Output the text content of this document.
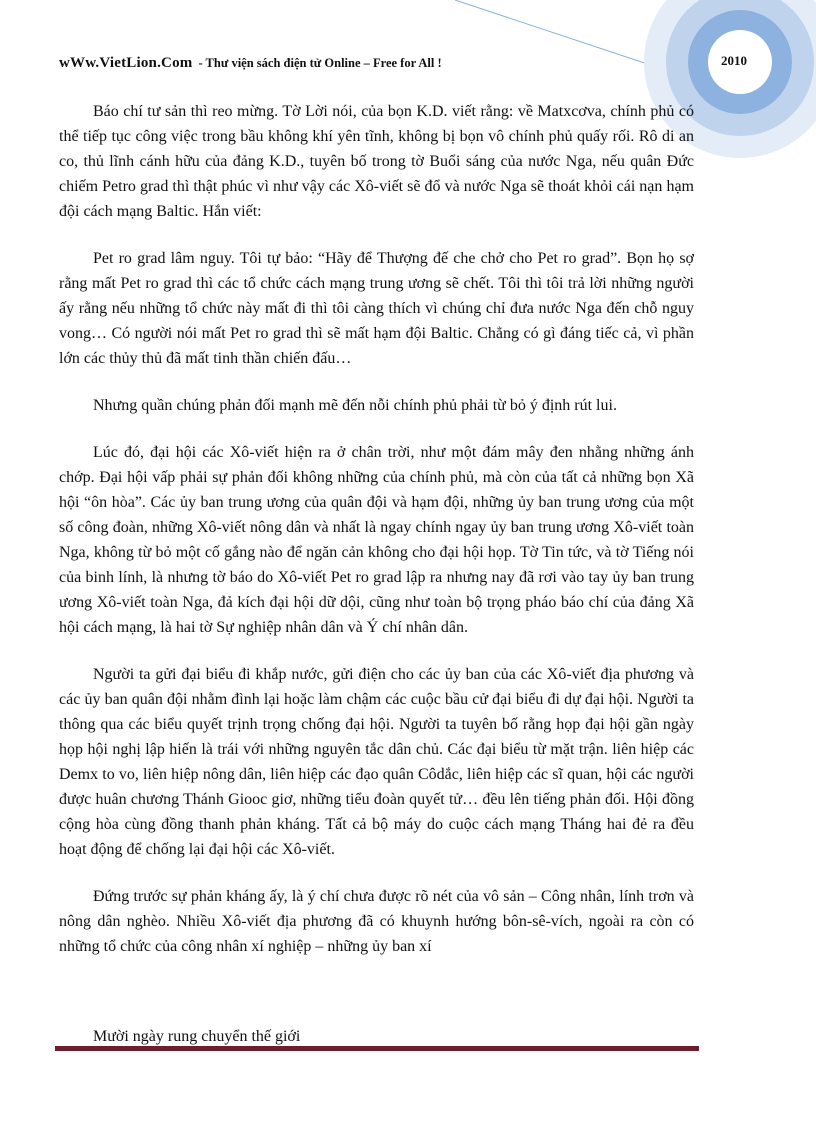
wWw.VietLion.Com - Thư viện sách điện tử Online – Free for All !	2010

Báo chí tư sản thì reo mừng. Tờ Lời nói, của bọn K.D. viết rằng: về Matxcơva, chính phủ có thể tiếp tục công việc trong bầu không khí yên tĩnh, không bị bọn vô chính phủ quấy rối. Rô di an co, thủ lĩnh cánh hữu của đảng K.D., tuyên bố trong tờ Buổi sáng của nước Nga, nếu quân Đức chiếm Petro grad thì thật phúc vì như vậy các Xô-viết sẽ đổ và nước Nga sẽ thoát khỏi cái nạn hạm đội cách mạng Baltic. Hắn viết:

Pet ro grad lâm nguy. Tôi tự bảo: “Hãy để Thượng đế che chở cho Pet ro grad”. Bọn họ sợ rằng mất Pet ro grad thì các tổ chức cách mạng trung ương sẽ chết. Tôi thì tôi trả lời những người ấy rằng nếu những tổ chức này mất đi thì tôi càng thích vì chúng chỉ đưa nước Nga đến chỗ nguy vong… Có người nói mất Pet ro grad thì sẽ mất hạm đội Baltic. Chẳng có gì đáng tiếc cả, vì phần lớn các thủy thủ đã mất tinh thần chiến đấu…

Nhưng quần chúng phản đối mạnh mẽ đến nỗi chính phủ phải từ bỏ ý định rút lui.

Lúc đó, đại hội các Xô-viết hiện ra ở chân trời, như một đám mây đen nhằng những ánh chớp. Đại hội vấp phải sự phản đối không những của chính phủ, mà còn của tất cả những bọn Xã hội “ôn hòa”. Các ủy ban trung ương của quân đội và hạm đội, những ủy ban trung ương của một số công đoàn, những Xô-viết nông dân và nhất là ngay chính ngay ủy ban trung ương Xô-viết toàn Nga, không từ bỏ một cố gắng nào để ngăn cản không cho đại hội họp. Tờ Tin tức, và tờ Tiếng nói của binh lính, là nhưng tờ báo do Xô-viết Pet ro grad lập ra nhưng nay đã rơi vào tay ủy ban trung ương Xô-viết toàn Nga, đả kích đại hội dữ dội, cũng như toàn bộ trọng pháo báo chí của đảng Xã hội cách mạng, là hai tờ Sự nghiệp nhân dân và Ý chí nhân dân.

Người ta gửi đại biểu đi khắp nước, gửi điện cho các ủy ban của các Xô-viết địa phương và các ủy ban quân đội nhằm đình lại hoặc làm chậm các cuộc bầu cử đại biểu đi dự đại hội. Người ta thông qua các biểu quyết trịnh trọng chống đại hội. Người ta tuyên bố rằng họp đại hội gần ngày họp hội nghị lập hiến là trái với những nguyên tắc dân chủ. Các đại biểu từ mặt trận. liên hiệp các Demx to vo, liên hiệp nông dân, liên hiệp các đạo quân Côdắc, liên hiệp các sĩ quan, hội các người được huân chương Thánh Giooc giơ, những tiểu đoàn quyết tử… đều lên tiếng phản đối. Hội đồng cộng hòa cùng đồng thanh phản kháng. Tất cả bộ máy do cuộc cách mạng Tháng hai đẻ ra đều hoạt động để chống lại đại hội các Xô-viết.

Đứng trước sự phản kháng ấy, là ý chí chưa được rõ nét của vô sản – Công nhân, lính trơn và nông dân nghèo. Nhiều Xô-viết địa phương đã có khuynh hướng bôn-sê-vích, ngoài ra còn có những tổ chức của công nhân xí nghiệp – những ủy ban xí

Mười ngày rung chuyển thế giới
